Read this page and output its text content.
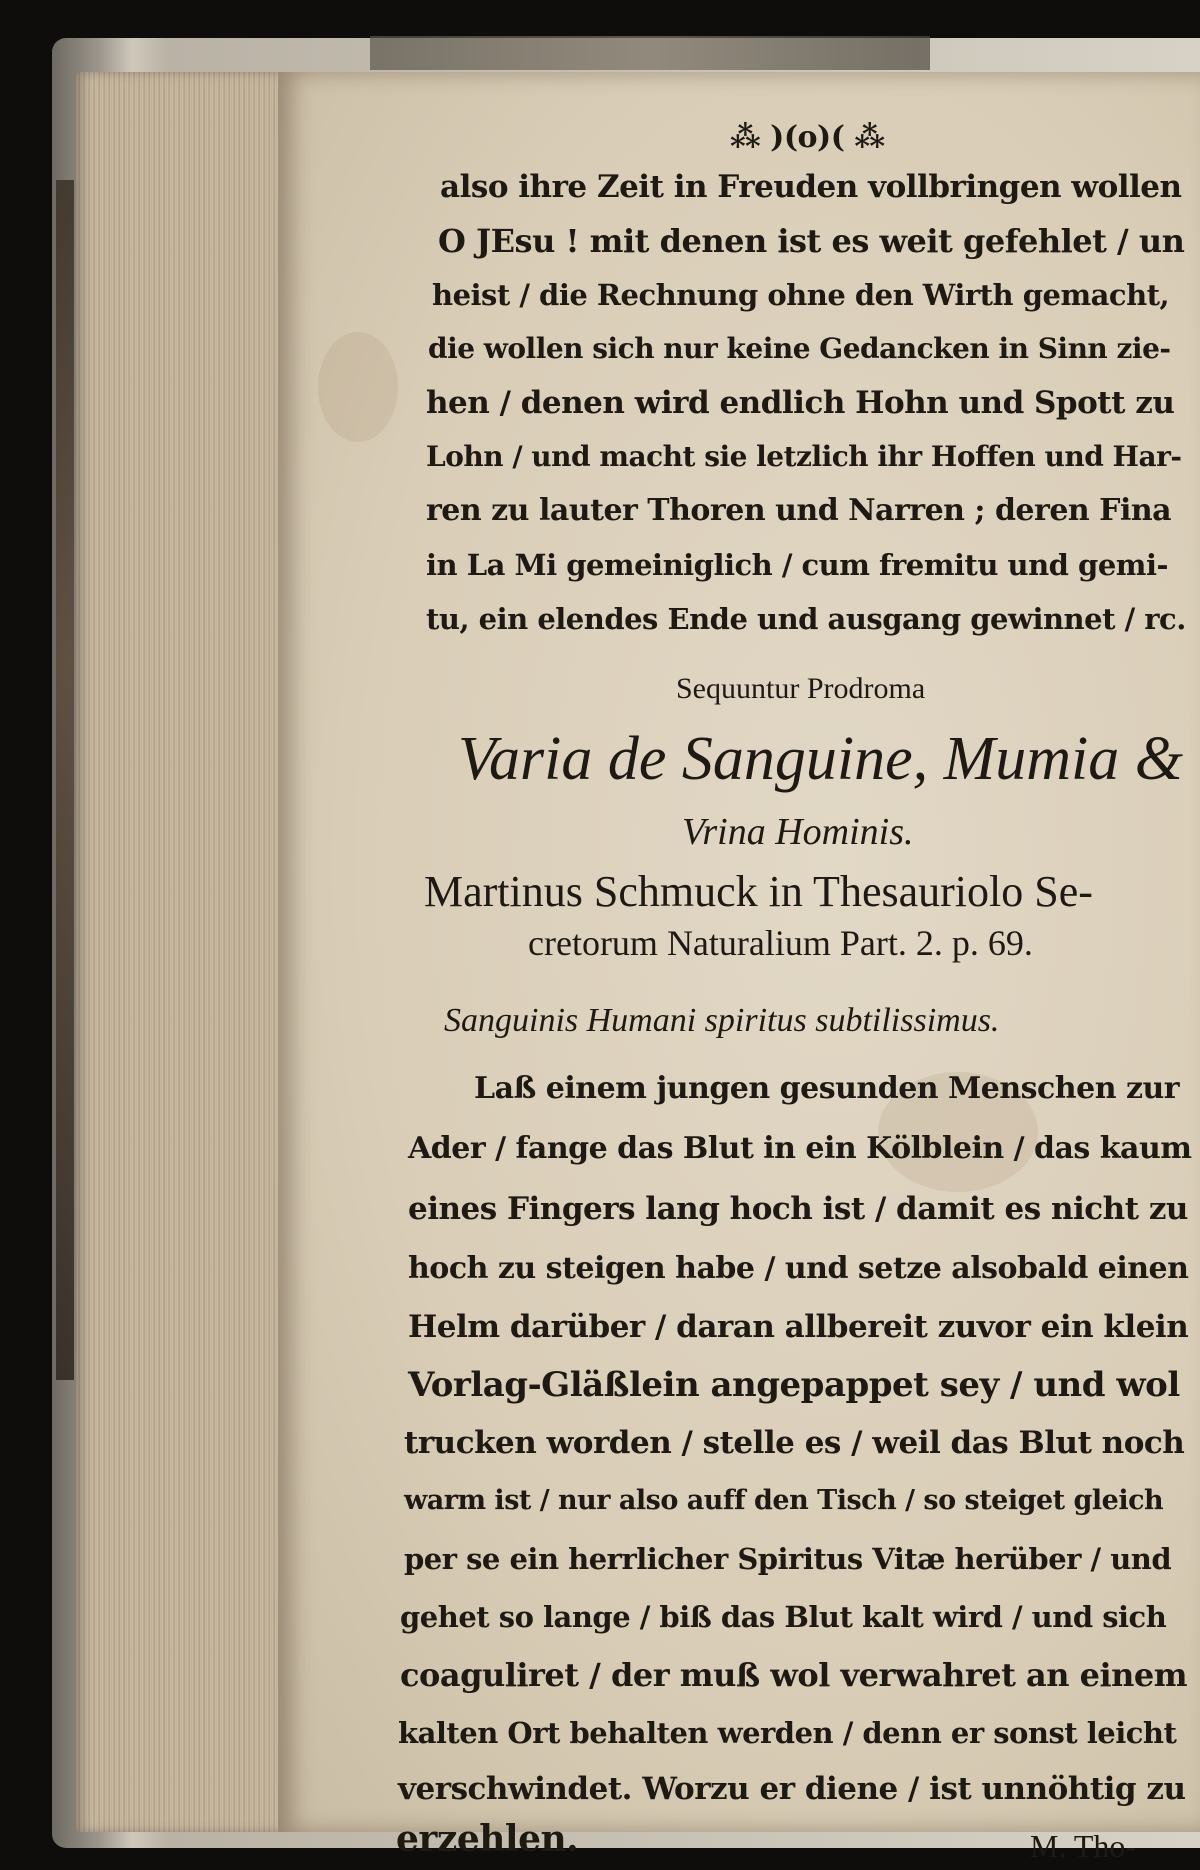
⁂ )(o)( ⁂
also ihre Zeit in Freuden vollbringen wollen
O JEsu ! mit denen ist es weit gefehlet / un
heist / die Rechnung ohne den Wirth gemacht,
die wollen sich nur keine Gedancken in Sinn zie-
hen / denen wird endlich Hohn und Spott zu
Lohn / und macht sie letzlich ihr Hoffen und Har-
ren zu lauter Thoren und Narren ; deren Fina
in La Mi gemeiniglich / cum fremitu und gemi-
tu, ein elendes Ende und ausgang gewinnet / rc.
Sequuntur Prodroma
Varia de Sanguine, Mumia &
Vrina Hominis.
Martinus Schmuck in Thesauriolo Se-
cretorum Naturalium Part. 2. p. 69.
Sanguinis Humani spiritus subtilissimus.
Laß einem jungen gesunden Menschen zur
Ader / fange das Blut in ein Kölblein / das kaum
eines Fingers lang hoch ist / damit es nicht zu
hoch zu steigen habe / und setze alsobald einen
Helm darüber / daran allbereit zuvor ein klein
Vorlag-Gläßlein angepappet sey / und wol
trucken worden / stelle es / weil das Blut noch
warm ist / nur also auff den Tisch / so steiget gleich
per se ein herrlicher Spiritus Vitæ herüber / und
gehet so lange / biß das Blut kalt wird / und sich
coaguliret / der muß wol verwahret an einem
kalten Ort behalten werden / denn er sonst leicht
verschwindet. Worzu er diene / ist unnöhtig zu
erzehlen.	M. Tho-
